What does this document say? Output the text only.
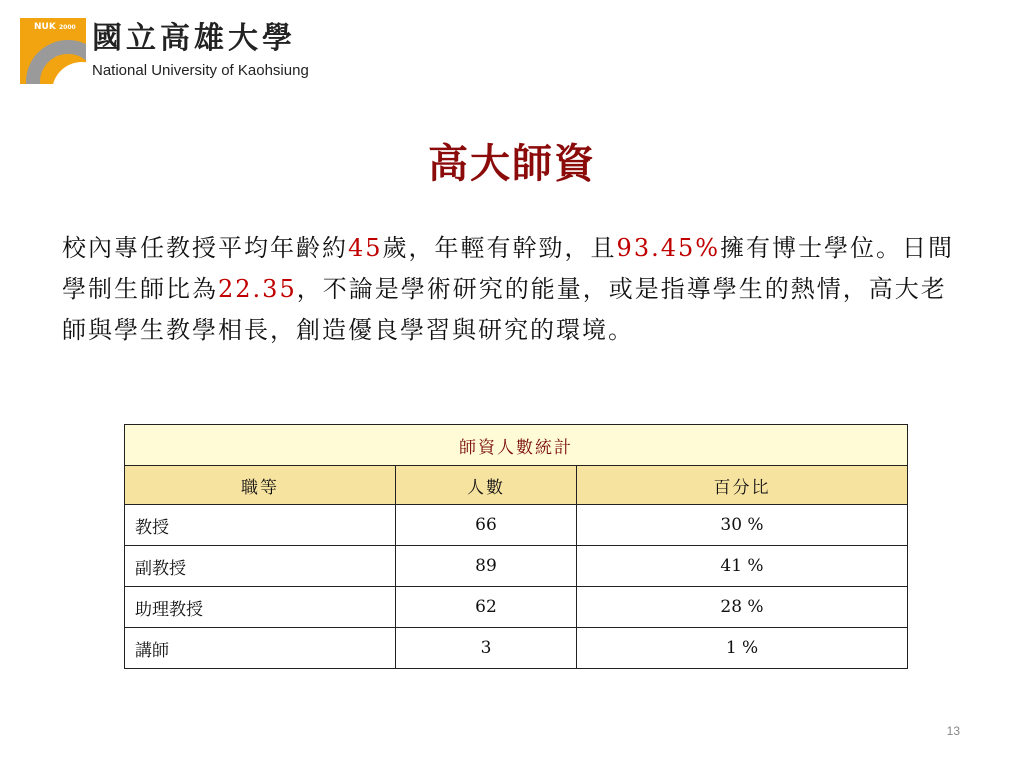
NUK 2000 國立高雄大學
National University of Kaohsiung
高大師資
校內專任教授平均年齡約45歲，年輕有幹勁，且93.45%擁有博士學位。日間學制生師比為22.35，不論是學術研究的能量，或是指導學生的熱情，高大老師與學生教學相長，創造優良學習與研究的環境。
師資人數統計		
職等	人數	百分比
教授	66	30 %
副教授	89	41 %
助理教授	62	28 %
講師	3	1 %
13
